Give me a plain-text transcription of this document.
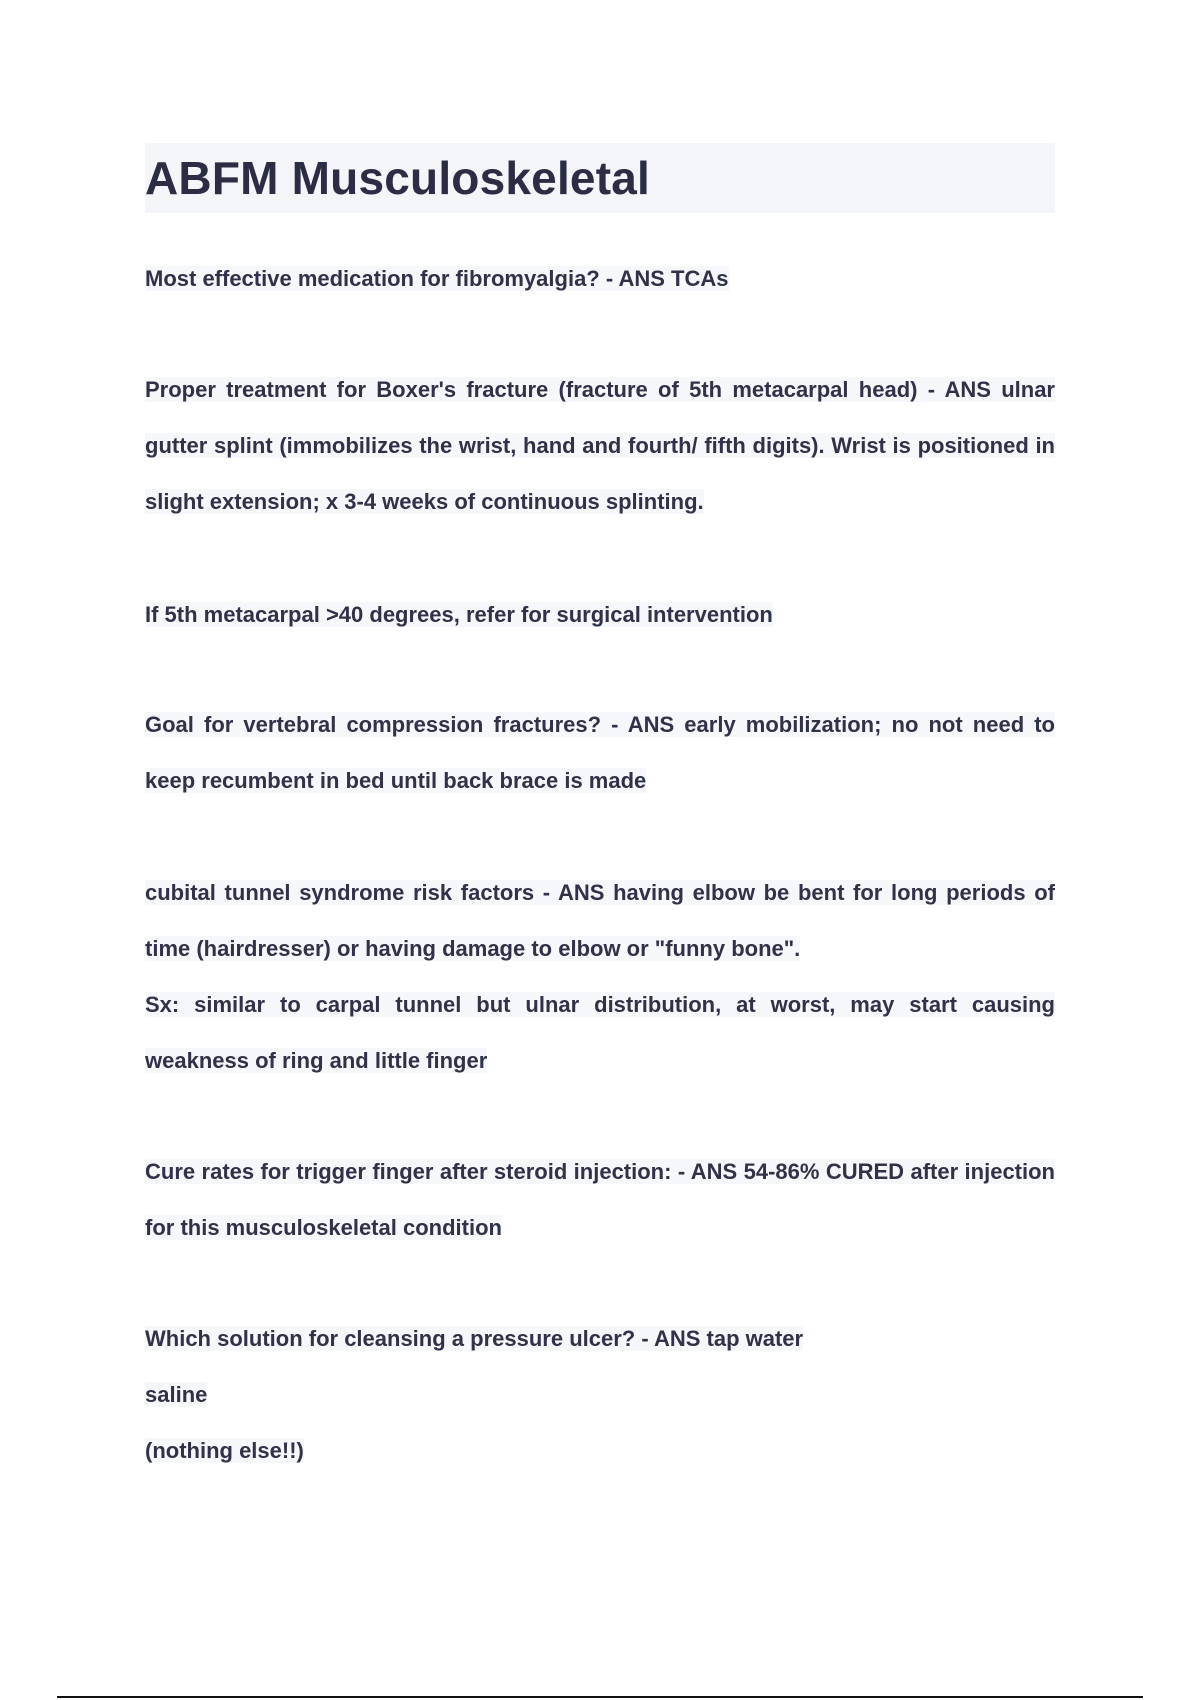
ABFM Musculoskeletal

Most effective medication for fibromyalgia? - ANS TCAs

Proper treatment for Boxer's fracture (fracture of 5th metacarpal head) - ANS ulnar gutter splint (immobilizes the wrist, hand and fourth/ fifth digits). Wrist is positioned in slight extension; x 3-4 weeks of continuous splinting.

If 5th metacarpal >40 degrees, refer for surgical intervention

Goal for vertebral compression fractures? - ANS early mobilization; no not need to keep recumbent in bed until back brace is made

cubital tunnel syndrome risk factors - ANS having elbow be bent for long periods of time (hairdresser) or having damage to elbow or "funny bone".
Sx: similar to carpal tunnel but ulnar distribution, at worst, may start causing weakness of ring and little finger

Cure rates for trigger finger after steroid injection: - ANS 54-86% CURED after injection for this musculoskeletal condition

Which solution for cleansing a pressure ulcer? - ANS tap water
saline
(nothing else!!)
